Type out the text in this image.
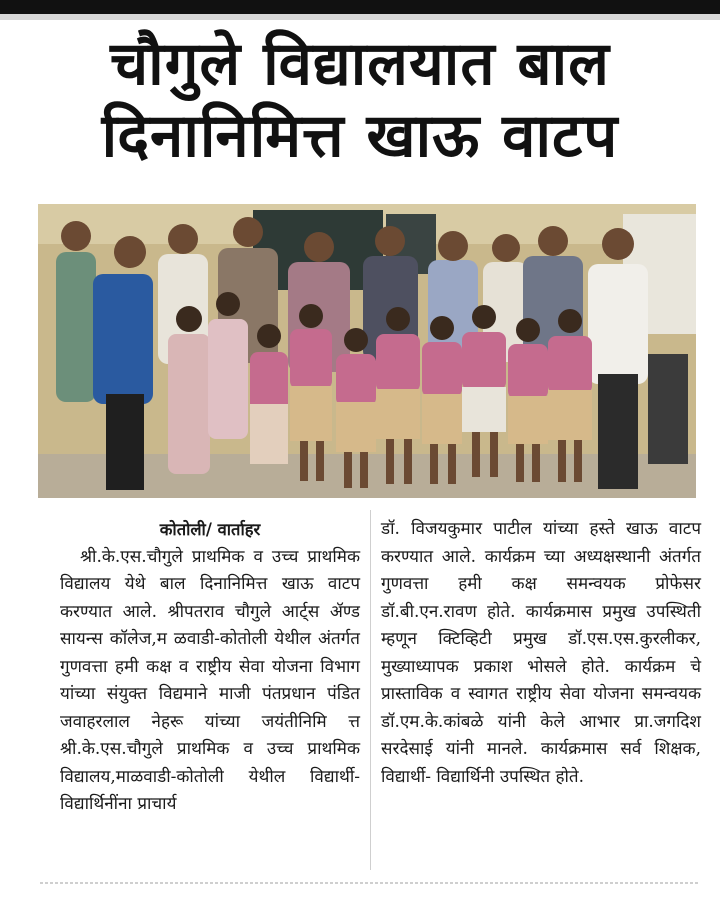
चौगुले विद्यालयात बाल
दिनानिमित्त खाऊ वाटप
कोतोली/ वार्ताहर
श्री.के.एस.चौगुले प्राथमिक व उच्च प्राथमिक विद्यालय येथे बाल दिनानिमित्त खाऊ वाटप करण्यात आले. श्रीपतराव चौगुले आर्ट्स ॲण्ड सायन्स कॉलेज,म ळवाडी-कोतोली येथील अंतर्गत गुणवत्ता हमी कक्ष व राष्ट्रीय सेवा योजना विभाग यांच्या संयुक्त विद्यमाने माजी पंतप्रधान पंडित जवाहरलाल नेहरू यांच्या जयंतीनिमि त्त श्री.के.एस.चौगुले प्राथमिक व उच्च प्राथमिक विद्यालय,माळवाडी-कोतोली येथील विद्यार्थी-विद्यार्थिनींना प्राचार्य
डॉ. विजयकुमार पाटील यांच्या हस्ते खाऊ वाटप करण्यात आले. कार्यक्रम च्या अध्यक्षस्थानी अंतर्गत गुणवत्ता हमी कक्ष समन्वयक प्रोफेसर डॉ.बी.एन.रावण होते. कार्यक्रमास प्रमुख उपस्थिती म्हणून क्टिव्हिटी प्रमुख डॉ.एस.एस.कुरलीकर, मुख्याध्यापक प्रकाश भोसले होते. कार्यक्रम चे प्रास्ताविक व स्वागत राष्ट्रीय सेवा योजना समन्वयक डॉ.एम.के.कांबळे यांनी केले आभार प्रा.जगदिश सरदेसाई यांनी मानले. कार्यक्रमास सर्व शिक्षक, विद्यार्थी- विद्यार्थिनी उपस्थित होते.
